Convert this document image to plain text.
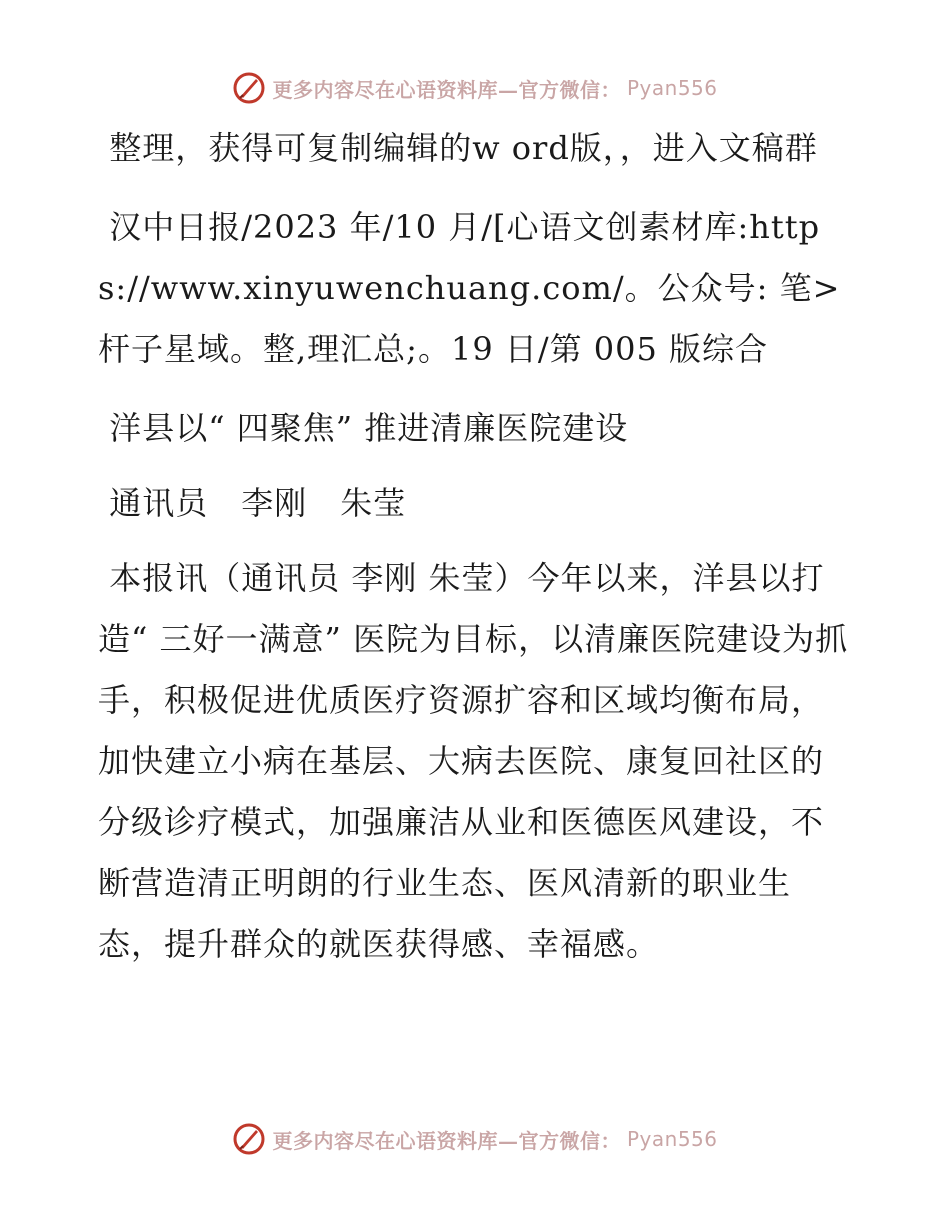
更多内容尽在心语资料库—官方微信： Pyan556

整理，获得可复制编辑的w ord版，，进入文稿群

汉中日报/2023 年/10 月/[心语文创素材库:https://www.xinyuwenchuang.com/。公众号: 笔>杆子星域。整,理汇总;。19 日/第 005 版综合

洋县以“ 四聚焦” 推进清廉医院建设

通讯员　李刚　朱莹

本报讯（通讯员 李刚 朱莹）今年以来，洋县以打造“ 三好一满意” 医院为目标，以清廉医院建设为抓手，积极促进优质医疗资源扩容和区域均衡布局，加快建立小病在基层、大病去医院、康复回社区的分级诊疗模式，加强廉洁从业和医德医风建设，不断营造清正明朗的行业生态、医风清新的职业生态，提升群众的就医获得感、幸福感。

更多内容尽在心语资料库—官方微信： Pyan556
